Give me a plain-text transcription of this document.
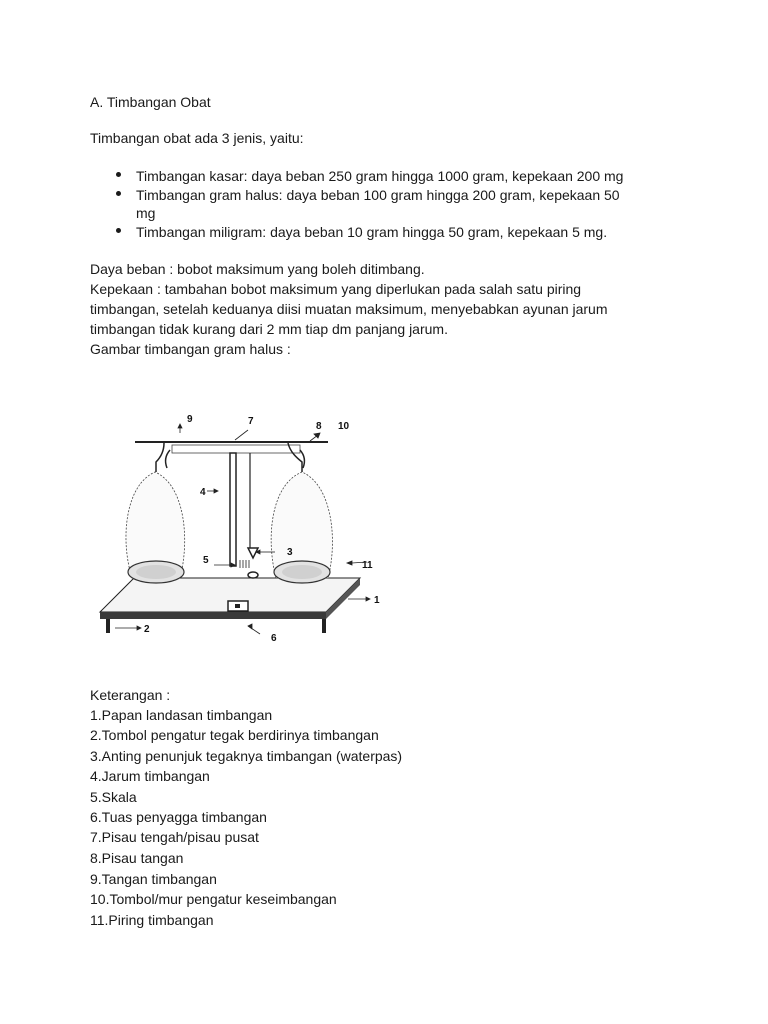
A. Timbangan Obat
Timbangan obat ada 3 jenis, yaitu:
Timbangan kasar: daya beban 250 gram hingga 1000 gram, kepekaan 200 mg
Timbangan gram halus: daya beban 100 gram hingga 200 gram, kepekaan 50
mg
Timbangan miligram: daya beban 10 gram hingga 50 gram, kepekaan 5 mg.
Daya beban : bobot maksimum yang boleh ditimbang.
Kepekaan : tambahan bobot maksimum yang diperlukan pada salah satu piring
timbangan, setelah keduanya diisi muatan maksimum, menyebabkan ayunan jarum
timbangan tidak kurang dari 2 mm tiap dm panjang jarum.
Gambar timbangan gram halus :
1
2
3
4
5
6
7	8
9
10
11
Keterangan :
1.Papan landasan timbangan
2.Tombol pengatur tegak berdirinya timbangan
3.Anting penunjuk tegaknya timbangan (waterpas)
4.Jarum timbangan
5.Skala
6.Tuas penyagga timbangan
7.Pisau tengah/pisau pusat
8.Pisau tangan
9.Tangan timbangan
10.Tombol/mur pengatur keseimbangan
11.Piring timbangan
